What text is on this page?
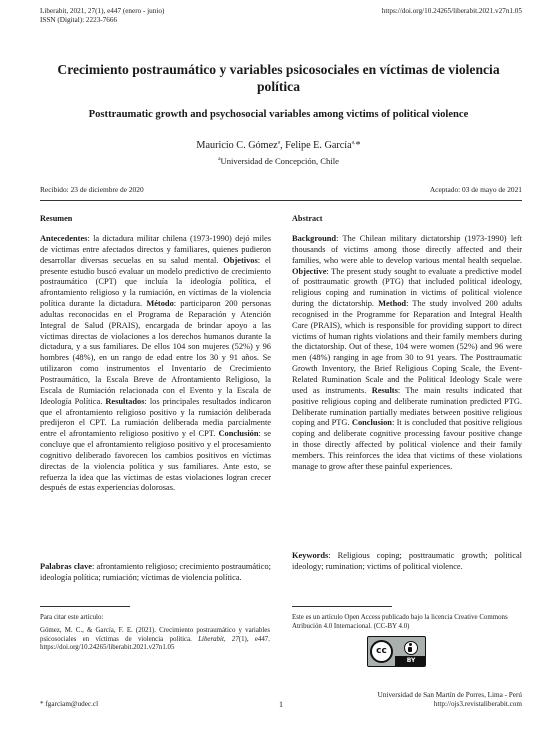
Liberabit, 2021, 27(1), e447 (enero - junio)
ISSN (Digital): 2223-7666
https://doi.org/10.24265/liberabit.2021.v27n1.05
Crecimiento postraumático y variables psicosociales en víctimas de violencia política
Posttraumatic growth and psychosocial variables among victims of political violence
Mauricio C. Gómez$^a$, Felipe E. García$^{a,}$*
$^a$Universidad de Concepción, Chile
Recibido: 23 de diciembre de 2020	Aceptado: 03 de mayo de 2021
Resumen
Antecedentes: la dictadura militar chilena (1973-1990) dejó miles de víctimas entre afectados directos y familiares, quienes pudieron desarrollar diversas secuelas en su salud mental. Objetivos: el presente estudio buscó evaluar un modelo predictivo de crecimiento postraumático (CPT) que incluía la ideología política, el afrontamiento religioso y la rumiación, en víctimas de la violencia política durante la dictadura. Método: participaron 200 personas adultas reconocidas en el Programa de Reparación y Atención Integral de Salud (PRAIS), encargada de brindar apoyo a las víctimas directas de violaciones a los derechos humanos durante la dictadura, y a sus familiares. De ellos 104 son mujeres (52%) y 96 hombres (48%), en un rango de edad entre los 30 y 91 años. Se utilizaron como instrumentos el Inventario de Crecimiento Postraumático, la Escala Breve de Afrontamiento Religioso, la Escala de Rumiación relacionada con el Evento y la Escala de Ideología Política. Resultados: los principales resultados indicaron que el afrontamiento religioso positivo y la rumiación deliberada predijeron el CPT. La rumiación deliberada media parcialmente entre el afrontamiento religioso positivo y el CPT. Conclusión: se concluye que el afrontamiento religioso positivo y el procesamiento cognitivo deliberado favorecen los cambios positivos en víctimas directas de la violencia política y sus familiares. Ante esto, se refuerza la idea que las víctimas de estas violaciones logran crecer después de estas experiencias dolorosas.
Palabras clave: afrontamiento religioso; crecimiento postraumático; ideología política; rumiación; víctimas de violencia política.
Abstract
Background: The Chilean military dictatorship (1973-1990) left thousands of victims among those directly affected and their families, who were able to develop various mental health sequelae. Objective: The present study sought to evaluate a predictive model of posttraumatic growth (PTG) that included political ideology, religious coping and rumination in victims of political violence during the dictatorship. Method: The study involved 200 adults recognised in the Programme for Reparation and Integral Health Care (PRAIS), which is responsible for providing support to direct victims of human rights violations and their family members during the dictatorship. Out of these, 104 were women (52%) and 96 were men (48%) ranging in age from 30 to 91 years. The Posttraumatic Growth Inventory, the Brief Religious Coping Scale, the Event-Related Rumination Scale and the Political Ideology Scale were used as instruments. Results: The main results indicated that positive religious coping and deliberate rumination predicted PTG. Deliberate rumination partially mediates between positive religious coping and PTG. Conclusion: It is concluded that positive religious coping and deliberate cognitive processing favour positive change in those directly affected by political violence and their family members. This reinforces the idea that victims of these violations manage to grow after these painful experiences.
Keywords: Religious coping; posttraumatic growth; political ideology; rumination; victims of political violence.
Para citar este artículo:
Gómez, M. C., & García, F. E. (2021). Crecimiento postraumático y variables psicosociales en víctimas de violencia política. Liberabit, 27(1), e447. https://doi.org/10.24265/liberabit.2021.v27n1.05
Este es un artículo Open Access publicado bajo la licencia Creative Commons Atribución 4.0 Internacional. (CC-BY 4.0)
cc
BY
* fgarciam@udec.cl	1
Universidad de San Martín de Porres, Lima - Perú
http://ojs3.revistaliberabit.com
